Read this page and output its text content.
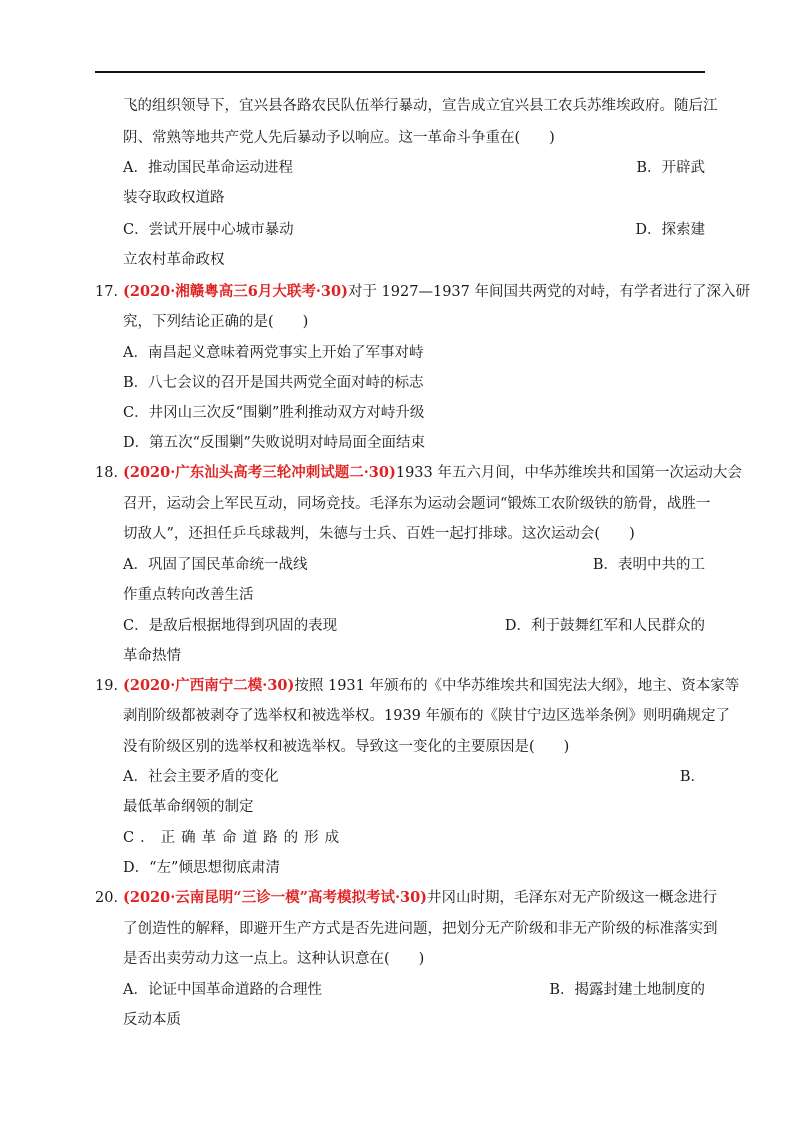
飞的组织领导下，宜兴县各路农民队伍举行暴动，宣告成立宜兴县工农兵苏维埃政府。随后江
阴、常熟等地共产党人先后暴动予以响应。这一革命斗争重在(　　)
A．推动国民革命运动进程	B．开辟武
装夺取政权道路
C．尝试开展中心城市暴动	D．探索建
立农村革命政权
17．
(2020·湘赣粤高三6月大联考·30)对于 1927—1937 年间国共两党的对峙，有学者进行了深入研
究，下列结论正确的是(　　)
A．南昌起义意味着两党事实上开始了军事对峙
B．八七会议的召开是国共两党全面对峙的标志
C．井冈山三次反“围剿”胜利推动双方对峙升级
D．第五次“反围剿”失败说明对峙局面全面结束
18．
(2020·广东汕头高考三轮冲刺试题二·30)1933 年五六月间，中华苏维埃共和国第一次运动大会
召开，运动会上军民互动，同场竞技。毛泽东为运动会题词“锻炼工农阶级铁的筋骨，战胜一
切敌人”，还担任乒乓球裁判，朱德与士兵、百姓一起打排球。这次运动会(　　)
A．巩固了国民革命统一战线	B．表明中共的工
作重点转向改善生活
C．是敌后根据地得到巩固的表现	D．利于鼓舞红军和人民群众的
革命热情
19．
(2020·广西南宁二模·30)按照 1931 年颁布的《中华苏维埃共和国宪法大纲》，地主、资本家等
剥削阶级都被剥夺了选举权和被选举权。1939 年颁布的《陕甘宁边区选举条例》则明确规定了
没有阶级区别的选举权和被选举权。导致这一变化的主要原因是(　　)
A．社会主要矛盾的变化	B．
最低革命纲领的制定
C．正确革命道路的形成
D．“左”倾思想彻底肃清
20．
(2020·云南昆明“三诊一模”高考模拟考试·30)井冈山时期，毛泽东对无产阶级这一概念进行
了创造性的解释，即避开生产方式是否先进问题，把划分无产阶级和非无产阶级的标准落实到
是否出卖劳动力这一点上。这种认识意在(　　)
A．论证中国革命道路的合理性	B．揭露封建土地制度的
反动本质
